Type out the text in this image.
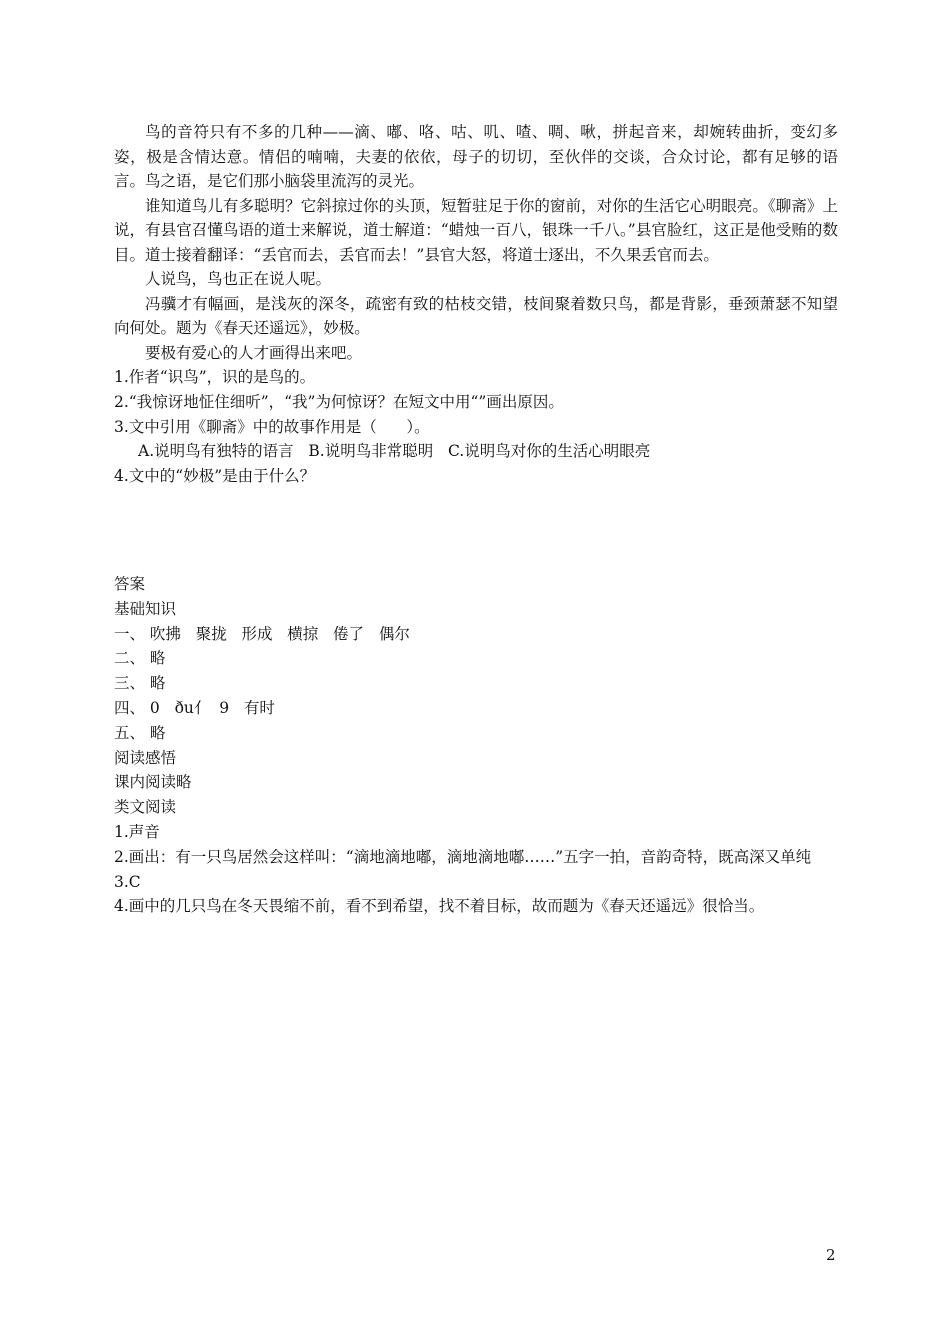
鸟的音符只有不多的几种——滴、嘟、咯、咕、叽、喳、啁、啾，拼起音来，却婉转曲折，变幻多姿，极是含情达意。情侣的喃喃，夫妻的依依，母子的切切，至伙伴的交谈，合众讨论，都有足够的语言。鸟之语，是它们那小脑袋里流泻的灵光。

谁知道鸟儿有多聪明？它斜掠过你的头顶，短暂驻足于你的窗前，对你的生活它心明眼亮。《聊斋》上说，有县官召懂鸟语的道士来解说，道士解道：“蜡烛一百八，银珠一千八。”县官脸红，这正是他受贿的数目。道士接着翻译：“丢官而去，丢官而去！”县官大怒，将道士逐出，不久果丢官而去。

人说鸟，鸟也正在说人呢。

冯骥才有幅画，是浅灰的深冬，疏密有致的枯枝交错，枝间聚着数只鸟，都是背影，垂颈萧瑟不知望向何处。题为《春天还遥远》，妙极。

要极有爱心的人才画得出来吧。

1.作者“识鸟”，识的是鸟的。

2.“我惊讶地怔住细听”，“我”为何惊讶？在短文中用“”画出原因。

3.文中引用《聊斋》中的故事作用是（      ）。

A.说明鸟有独特的语言   B.说明鸟非常聪明   C.说明鸟对你的生活心明眼亮

4.文中的“妙极”是由于什么？

答案

基础知识

一、 吹拂   聚拢   形成   横掠   倦了   偶尔

二、 略

三、 略

四、 0   ðu亻  9   有时

五、 略

阅读感悟

课内阅读略

类文阅读

1.声音

2.画出：有一只鸟居然会这样叫：“滴地滴地嘟，滴地滴地嘟……”五字一拍，音韵奇特，既高深又单纯

3.C

4.画中的几只鸟在冬天畏缩不前，看不到希望，找不着目标，故而题为《春天还遥远》很恰当。

2
